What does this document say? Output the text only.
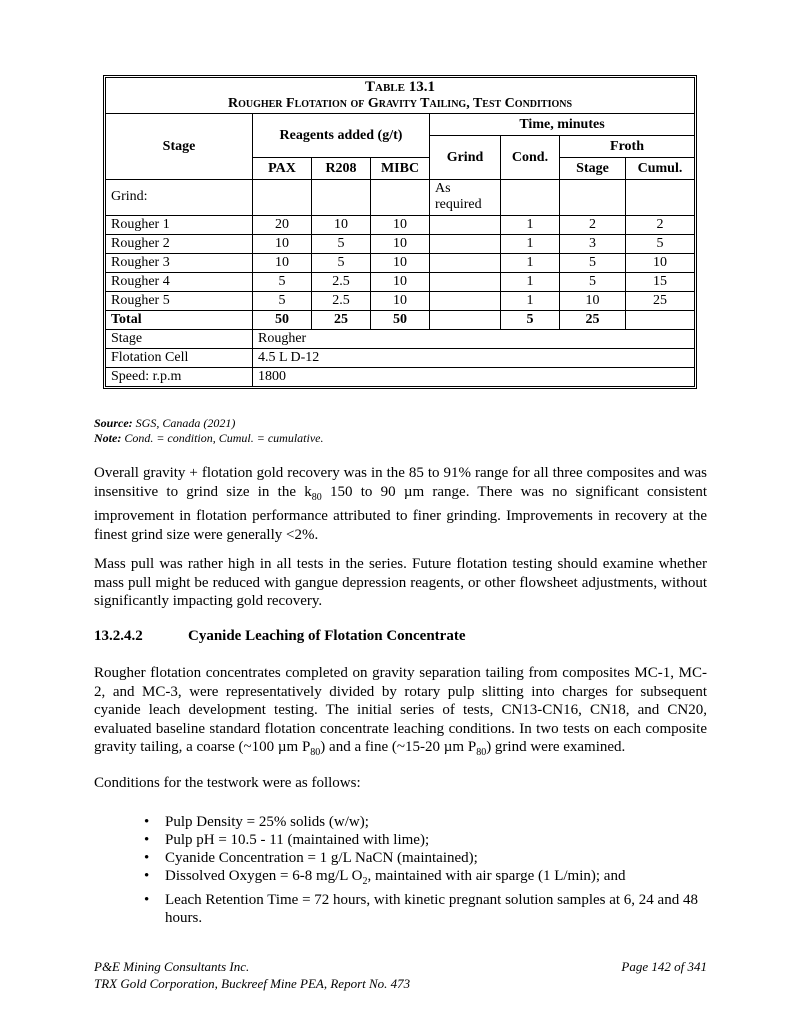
Table 13.1
Rougher Flotation of Gravity Tailing, Test Conditions							

Stage	Reagents added (g/t)			Time, minutes			
				Grind	Cond.	Froth	
	PAX	R208	MIBC			Stage	Cumul.
Grind:				As required			
Rougher 1	20	10	10		1	2	2
Rougher 2	10	5	10		1	3	5
Rougher 3	10	5	10		1	5	10
Rougher 4	5	2.5	10		1	5	15
Rougher 5	5	2.5	10		1	10	25
Total	50	25	50		5	25	
Stage	Rougher						
Flotation Cell	4.5 L D-12						
Speed: r.p.m	1800						
Source: SGS, Canada (2021)
Note: Cond. = condition, Cumul. = cumulative.

Overall gravity + flotation gold recovery was in the 85 to 91% range for all three composites and was insensitive to grind size in the $k_{80}$ 150 to 90 µm range. There was no significant consistent improvement in flotation performance attributed to finer grinding. Improvements in recovery at the finest grind size were generally <2%.

Mass pull was rather high in all tests in the series. Future flotation testing should examine whether mass pull might be reduced with gangue depression reagents, or other flowsheet adjustments, without significantly impacting gold recovery.

13.2.4.2	Cyanide Leaching of Flotation Concentrate

Rougher flotation concentrates completed on gravity separation tailing from composites MC-1, MC-2, and MC-3, were representatively divided by rotary pulp slitting into charges for subsequent cyanide leach development testing. The initial series of tests, CN13-CN16, CN18, and CN20, evaluated baseline standard flotation concentrate leaching conditions. In two tests on each composite gravity tailing, a coarse (~100 µm $P_{80}$) and a fine (~15-20 µm $P_{80}$) grind were examined.

Conditions for the testwork were as follows:

• Pulp Density = 25% solids (w/w);
• Pulp pH = 10.5 - 11 (maintained with lime);
• Cyanide Concentration = 1 g/L NaCN (maintained);
• Dissolved Oxygen = 6-8 mg/L $O_2$, maintained with air sparge (1 L/min); and
• Leach Retention Time = 72 hours, with kinetic pregnant solution samples at 6, 24 and 48 hours.
P&E Mining Consultants Inc.
TRX Gold Corporation, Buckreef Mine PEA, Report No. 473
Page 142 of 341
